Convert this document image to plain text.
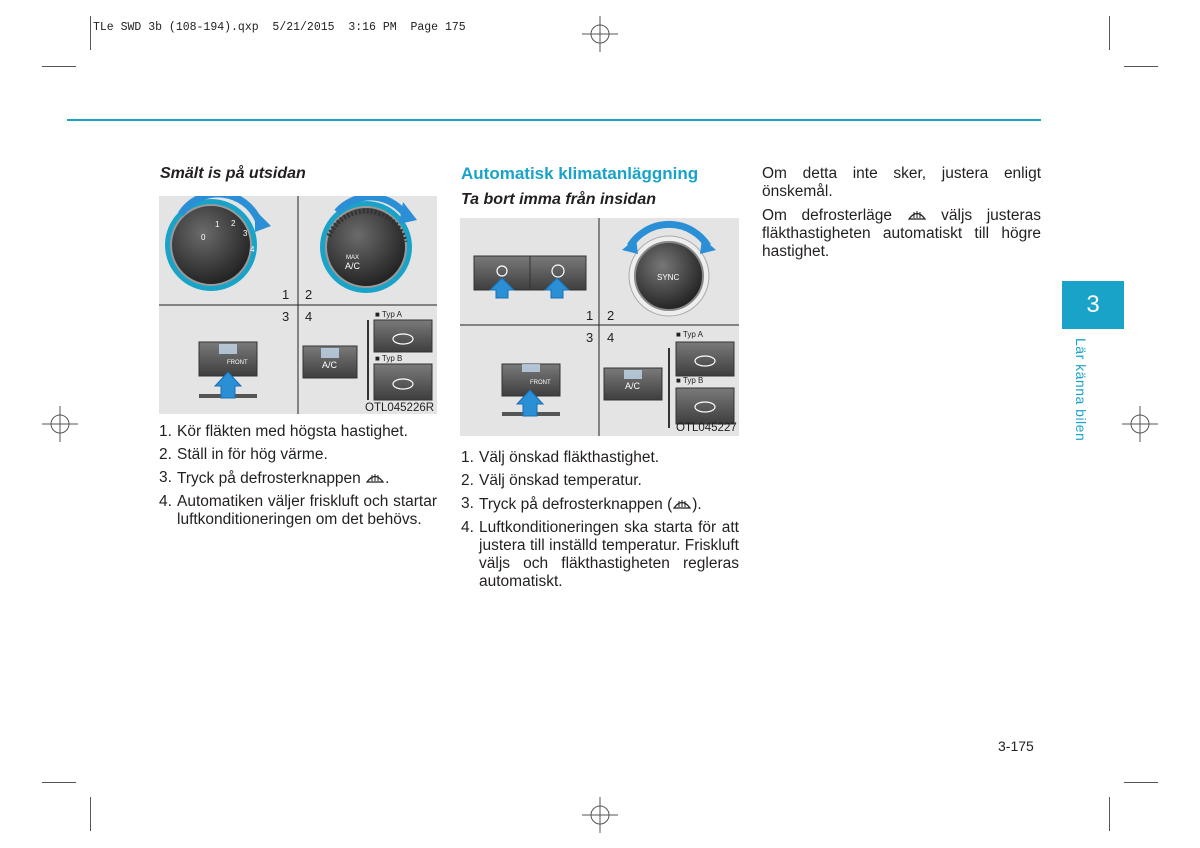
TLe SWD 3b (108-194).qxp  5/21/2015  3:16 PM  Page 175
Smält is på utsidan
0
1 2
3
4
MAX
A/C
FRONT	A/C
1 2
3 4	■ Typ A
■ Typ B
OTL045226R
1. Kör fläkten med högsta hastighet.
2. Ställ in för hög värme.
3. Tryck på defrosterknappen .
4. Automatiken väljer friskluft och startar luftkonditioneringen om det behövs.
Automatisk klimatanläggning
Ta bort imma från insidan
SYNC
FRONT	A/C
1 2
3 4	■ Typ A
■ Typ B
OTL045227
1. Välj önskad fläkthastighet.
2. Välj önskad temperatur.
3. Tryck på defrosterknappen ( ).
4. Luftkonditioneringen ska starta för att justera till inställd temperatur. Friskluft väljs och fläkthastigheten regleras automatiskt.
Om detta inte sker, justera enligt önskemål.
Om defrosterläge	väljs justeras fläkthastigheten automatiskt till högre hastighet.
3
Lär känna bilen
3-175
